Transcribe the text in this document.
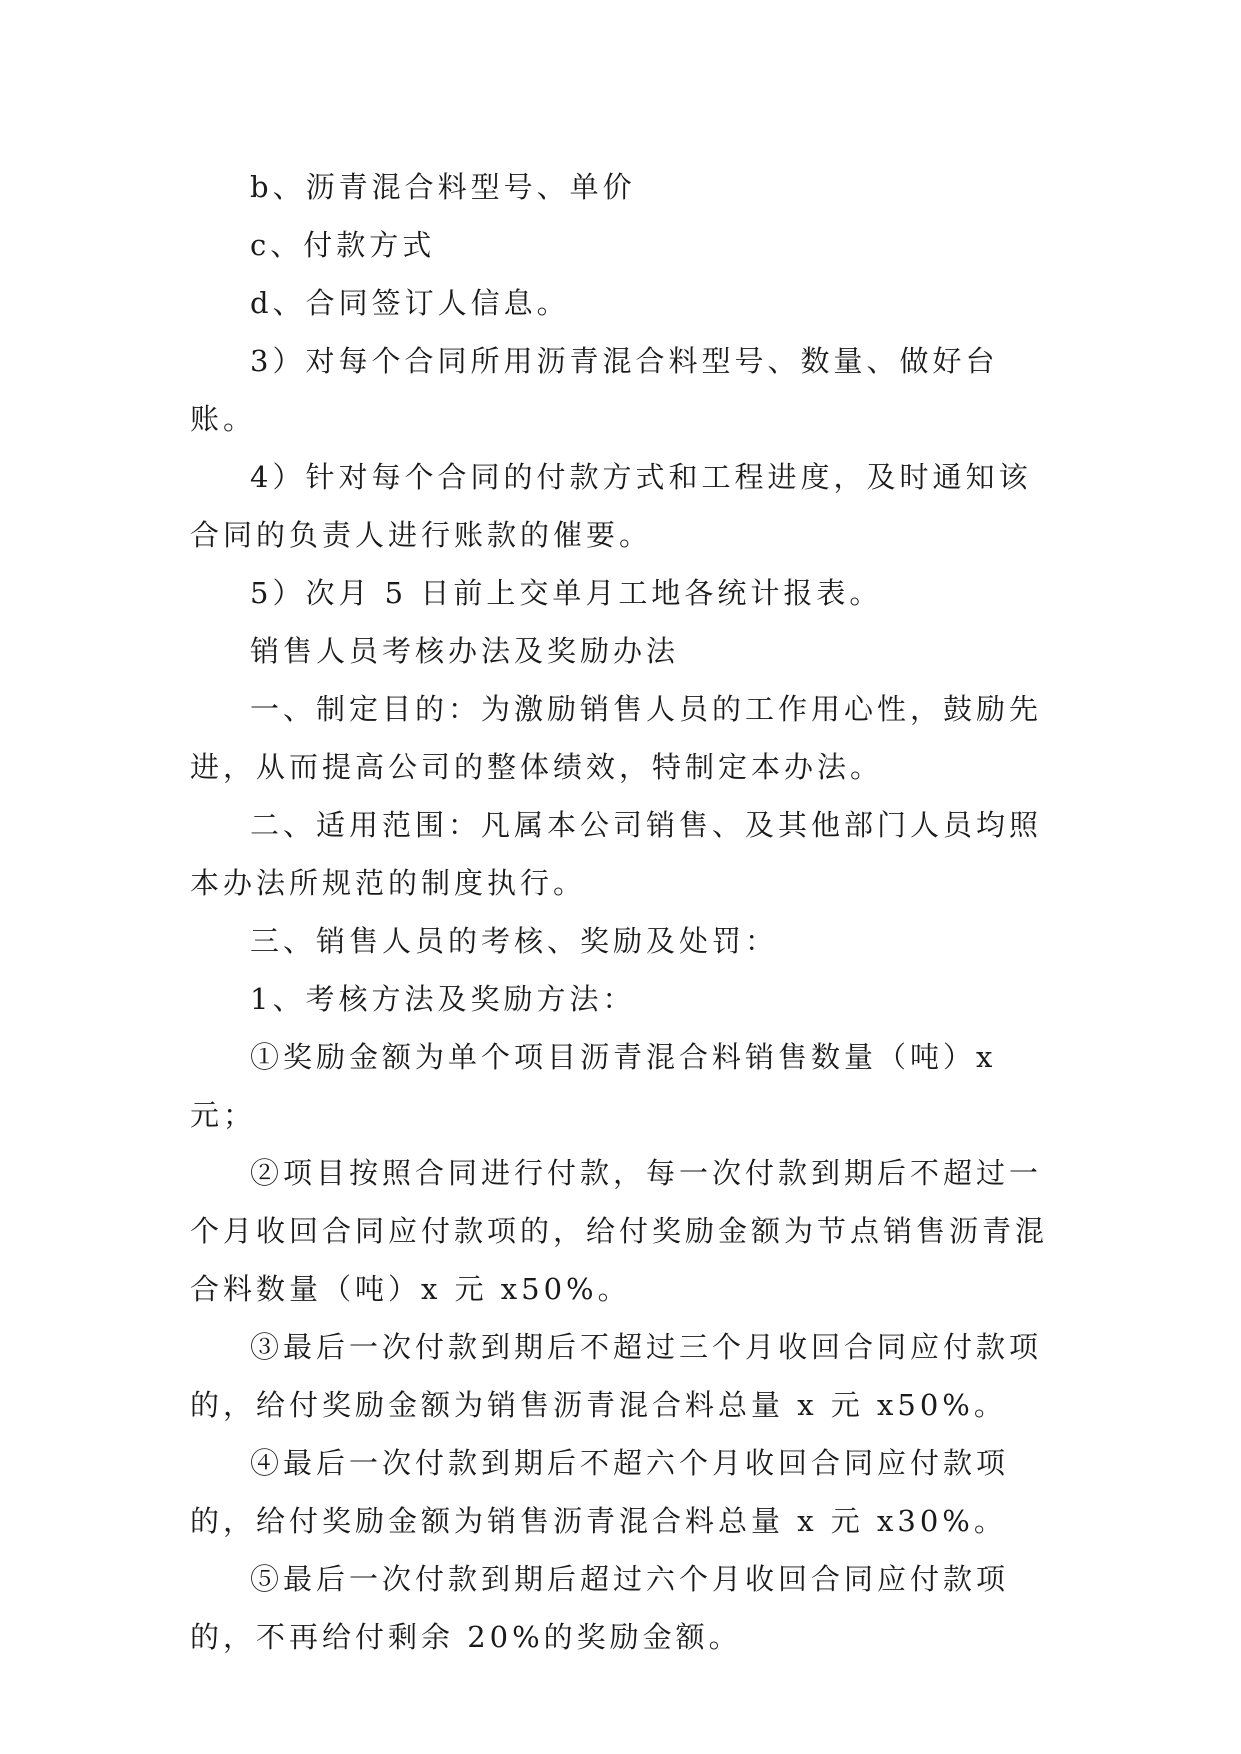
b、沥青混合料型号、单价

c、付款方式

d、合同签订人信息。

3）对每个合同所用沥青混合料型号、数量、做好台账。

4）针对每个合同的付款方式和工程进度，及时通知该合同的负责人进行账款的催要。

5）次月 5 日前上交单月工地各统计报表。

销售人员考核办法及奖励办法

一、制定目的：为激励销售人员的工作用心性，鼓励先进，从而提高公司的整体绩效，特制定本办法。

二、适用范围：凡属本公司销售、及其他部门人员均照本办法所规范的制度执行。

三、销售人员的考核、奖励及处罚：

1、考核方法及奖励方法：

①奖励金额为单个项目沥青混合料销售数量（吨）x 元；

②项目按照合同进行付款，每一次付款到期后不超过一个月收回合同应付款项的，给付奖励金额为节点销售沥青混合料数量（吨）x 元 x50%。

③最后一次付款到期后不超过三个月收回合同应付款项的，给付奖励金额为销售沥青混合料总量 x 元 x50%。

④最后一次付款到期后不超六个月收回合同应付款项的，给付奖励金额为销售沥青混合料总量 x 元 x30%。

⑤最后一次付款到期后超过六个月收回合同应付款项的，不再给付剩余 20%的奖励金额。
